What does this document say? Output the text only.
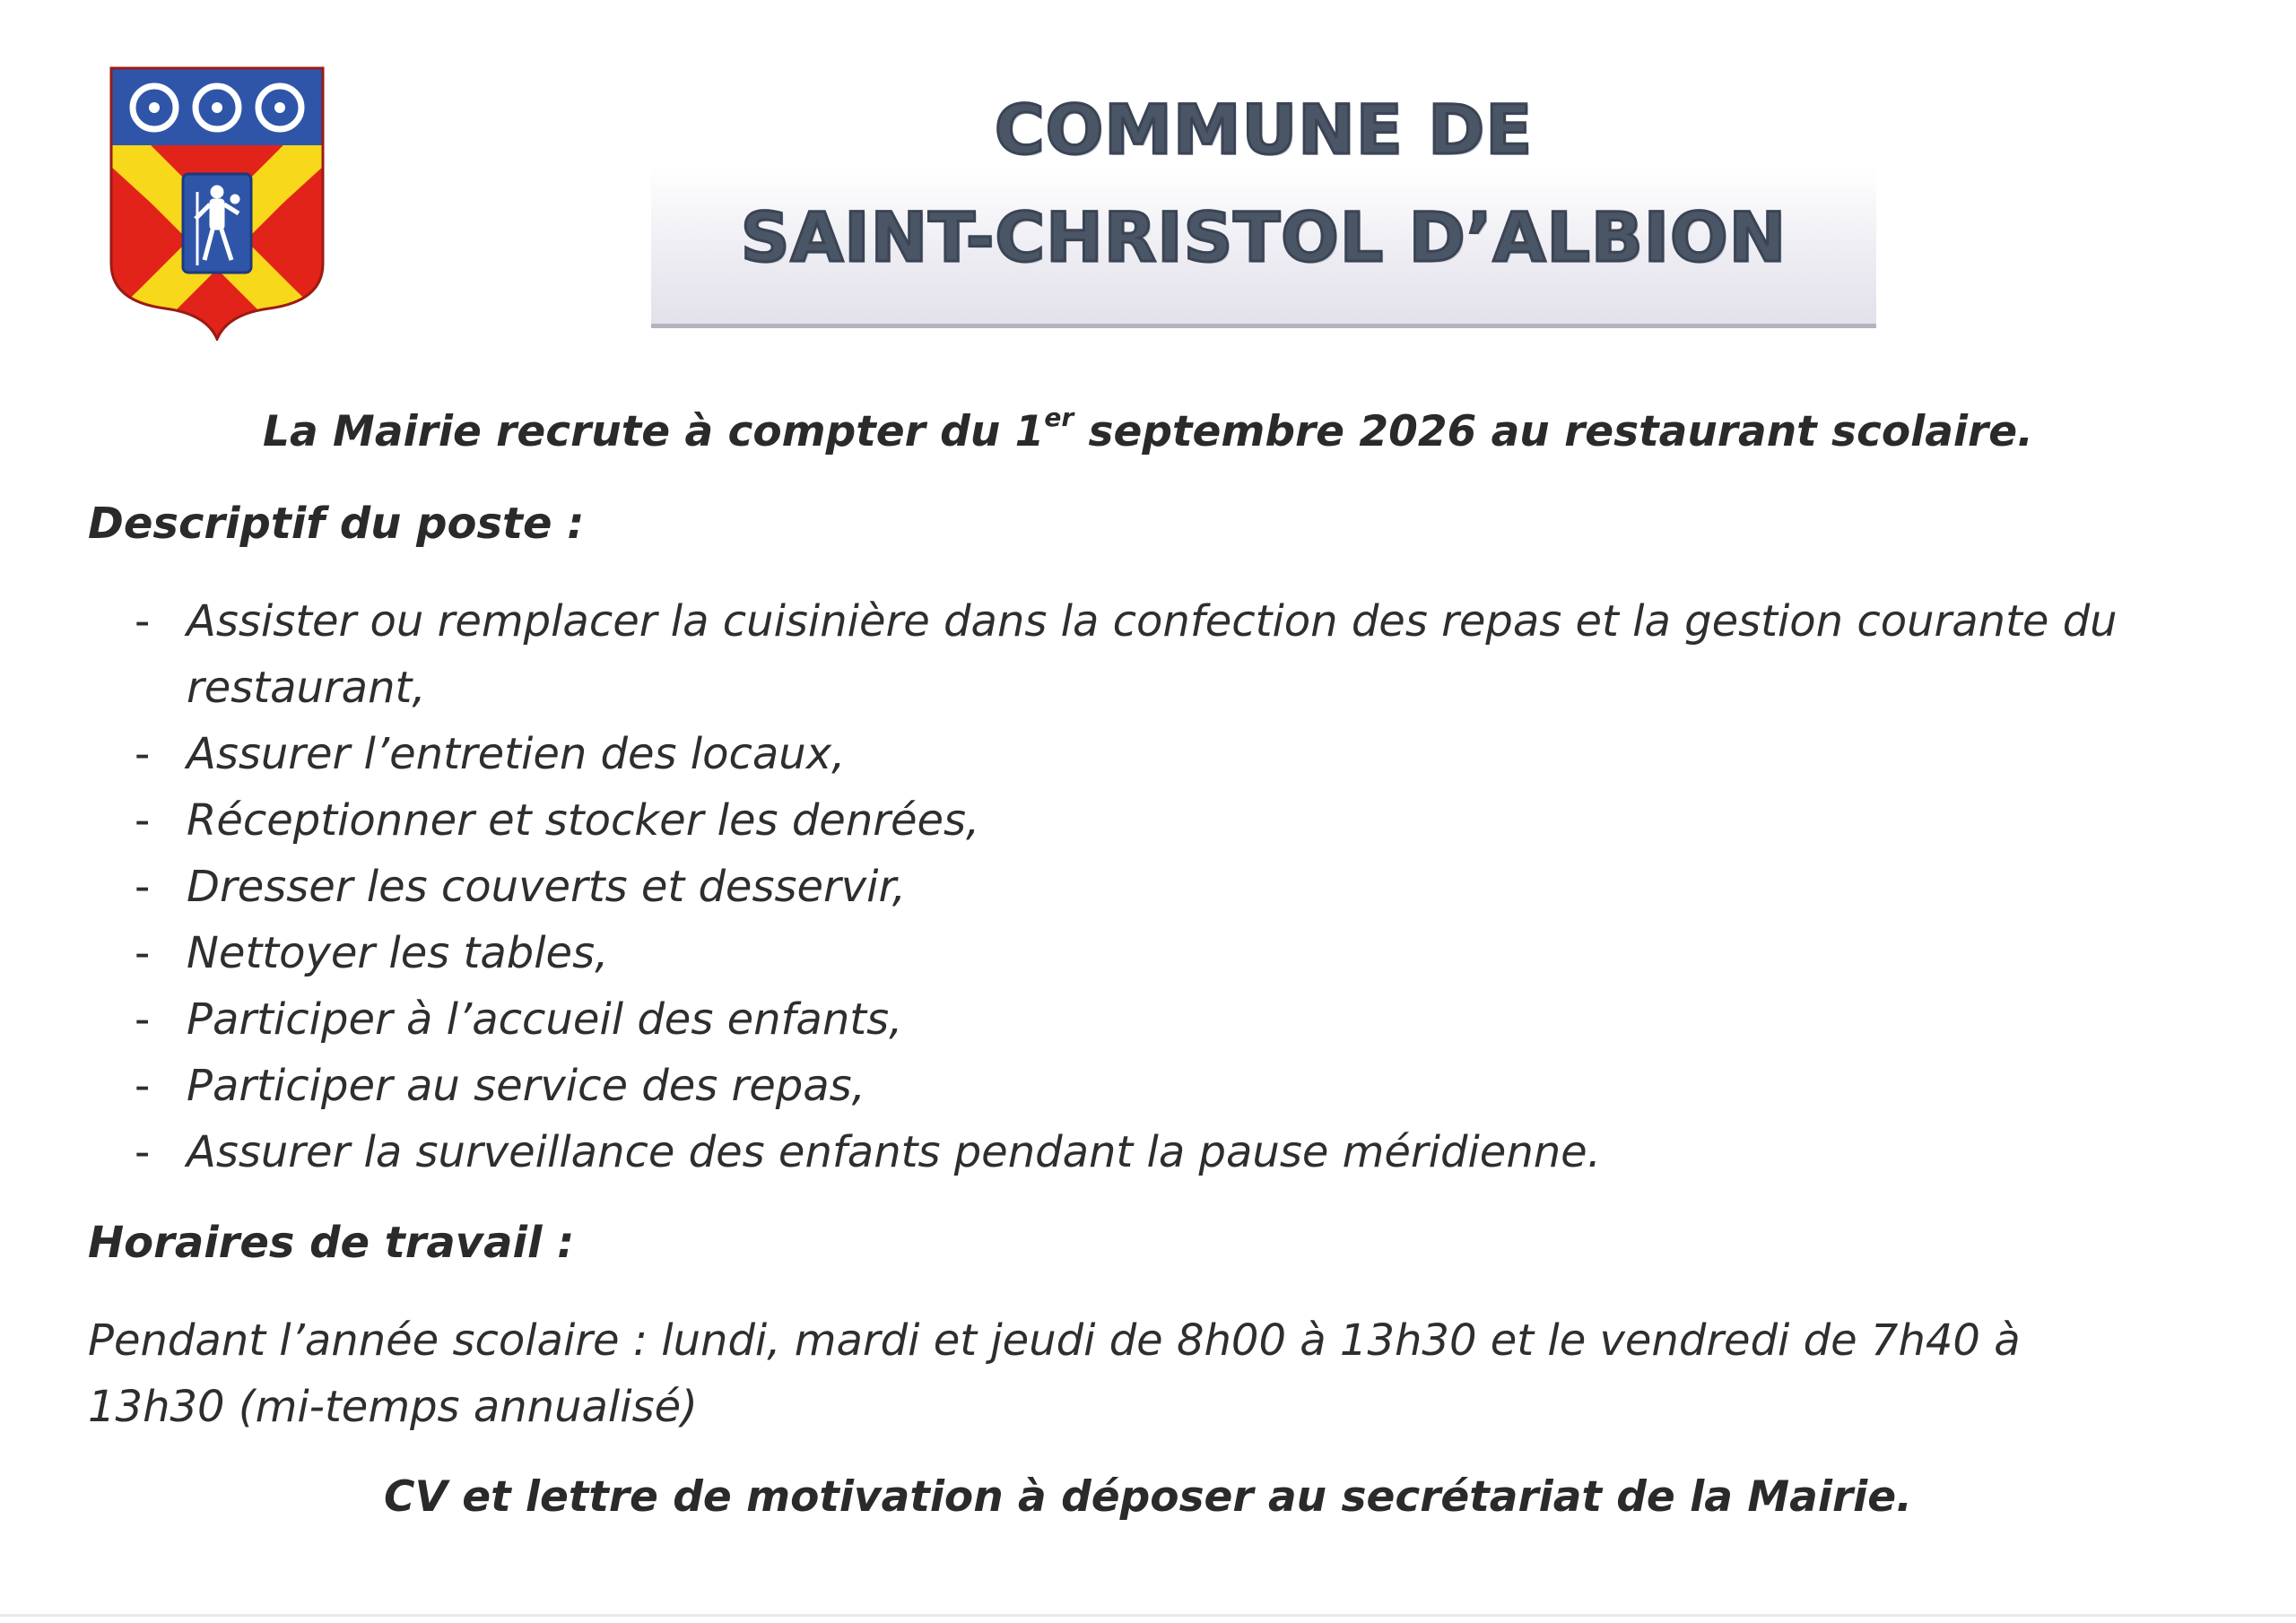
COMMUNE DE
SAINT-CHRISTOL D’ALBION
La Mairie recrute à compter du 1er septembre 2026 au restaurant scolaire.
Descriptif du poste :
- Assister ou remplacer la cuisinière dans la confection des repas et la gestion courante du restaurant,
- Assurer l’entretien des locaux,
- Réceptionner et stocker les denrées,
- Dresser les couverts et desservir,
- Nettoyer les tables,
- Participer à l’accueil des enfants,
- Participer au service des repas,
- Assurer la surveillance des enfants pendant la pause méridienne.
Horaires de travail :
Pendant l’année scolaire : lundi, mardi et jeudi de 8h00 à 13h30 et le vendredi de 7h40 à 13h30 (mi-temps annualisé)
CV et lettre de motivation à déposer au secrétariat de la Mairie.
